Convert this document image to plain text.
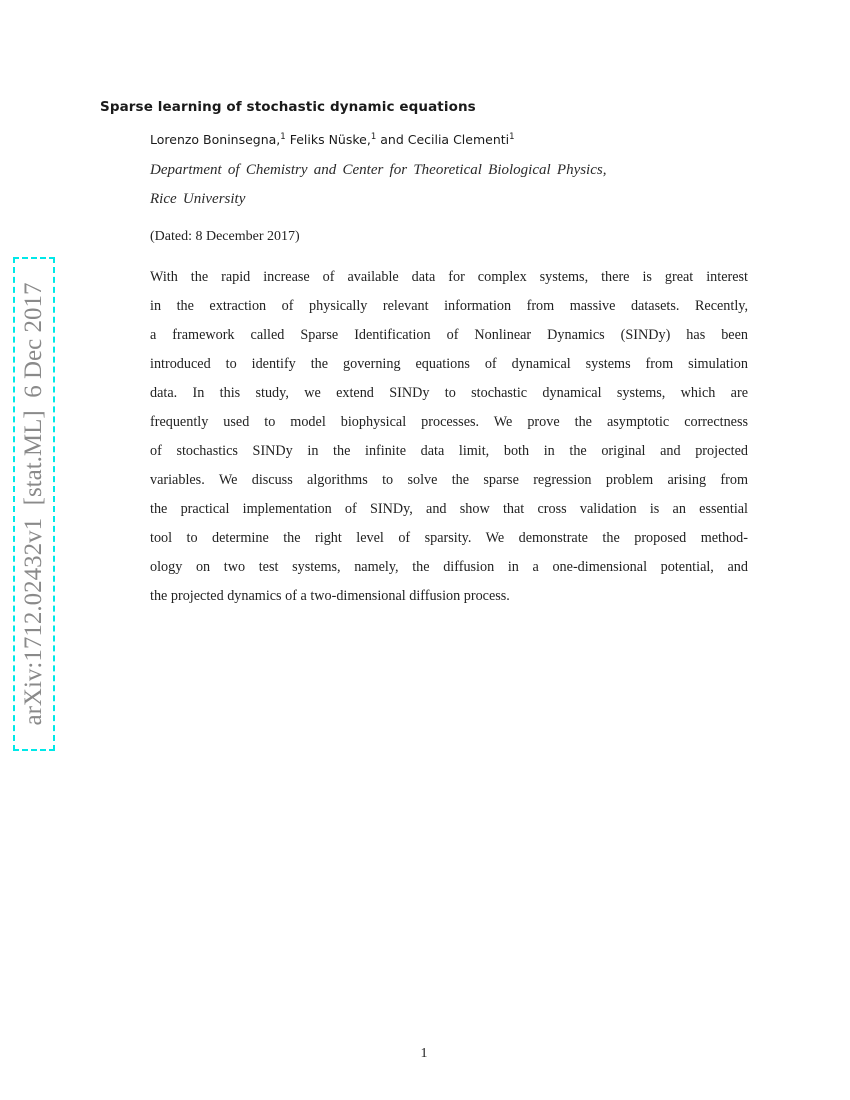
Sparse learning of stochastic dynamic equations
Lorenzo Boninsegna,$^1$ Feliks Nüske,$^1$ and Cecilia Clementi$^1$
Department of Chemistry and Center for Theoretical Biological Physics,
Rice University
(Dated: 8 December 2017)
With the rapid increase of available data for complex systems, there is great interest
in the extraction of physically relevant information from massive datasets. Recently,
a framework called Sparse Identification of Nonlinear Dynamics (SINDy) has been
introduced to identify the governing equations of dynamical systems from simulation
data. In this study, we extend SINDy to stochastic dynamical systems, which are
frequently used to model biophysical processes. We prove the asymptotic correctness
of stochastics SINDy in the infinite data limit, both in the original and projected
variables. We discuss algorithms to solve the sparse regression problem arising from
the practical implementation of SINDy, and show that cross validation is an essential
tool to determine the right level of sparsity. We demonstrate the proposed method-
ology on two test systems, namely, the diffusion in a one-dimensional potential, and
the projected dynamics of a two-dimensional diffusion process.
arXiv:1712.02432v1  [stat.ML]  6 Dec 2017
1
